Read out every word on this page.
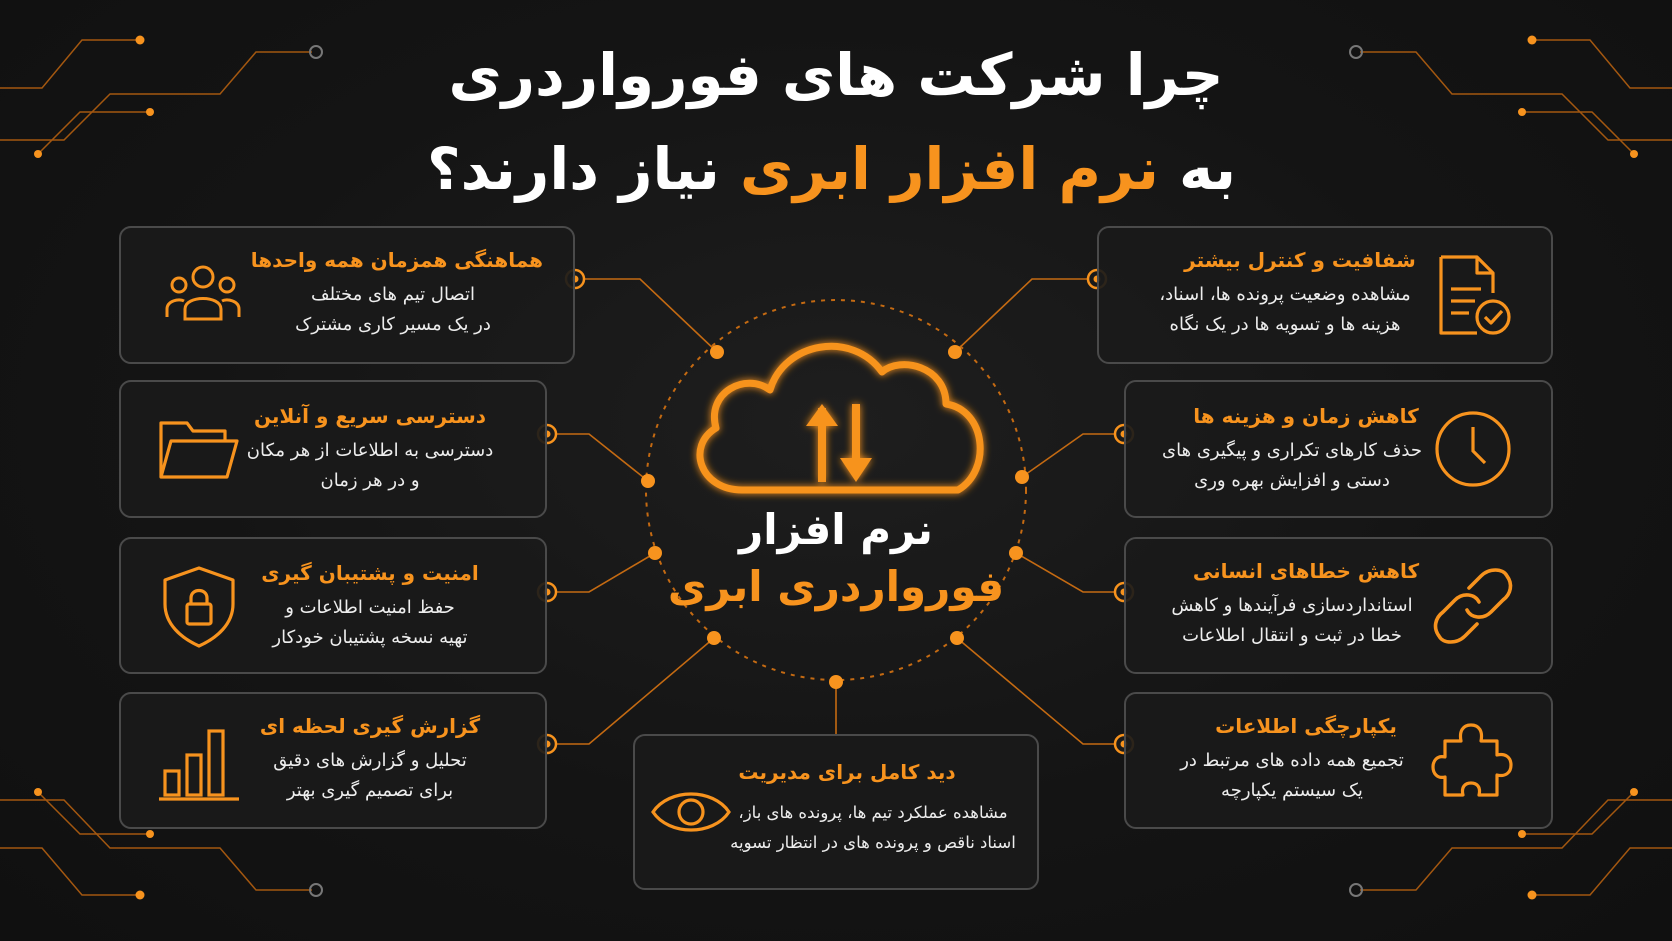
چرا شرکت های فورواردری
به نرم افزار ابری نیاز دارند؟
نرم افزار
فورواردری ابری
هماهنگی همزمان همه واحدها
اتصال تیم های مختلف
در یک مسیر کاری مشترک
دسترسی سریع و آنلاین
دسترسی به اطلاعات از هر مکان
و در هر زمان
امنیت و پشتیبان گیری
حفظ امنیت اطلاعات و
تهیه نسخه پشتیبان خودکار
گزارش گیری لحظه ای
تحلیل و گزارش های دقیق
برای تصمیم گیری بهتر
دید کامل برای مدیریت
مشاهده عملکرد تیم ها، پرونده های باز،
اسناد ناقص و پرونده های در انتظار تسویه
شفافیت و کنترل بیشتر
مشاهده وضعیت پرونده ها، اسناد،
هزینه ها و تسویه ها در یک نگاه
کاهش زمان و هزینه ها
حذف کارهای تکراری و پیگیری های
دستی و افزایش بهره وری
کاهش خطاهای انسانی
استانداردسازی فرآیندها و کاهش
خطا در ثبت و انتقال اطلاعات
یکپارچگی اطلاعات
تجمیع همه داده های مرتبط در
یک سیستم یکپارچه
